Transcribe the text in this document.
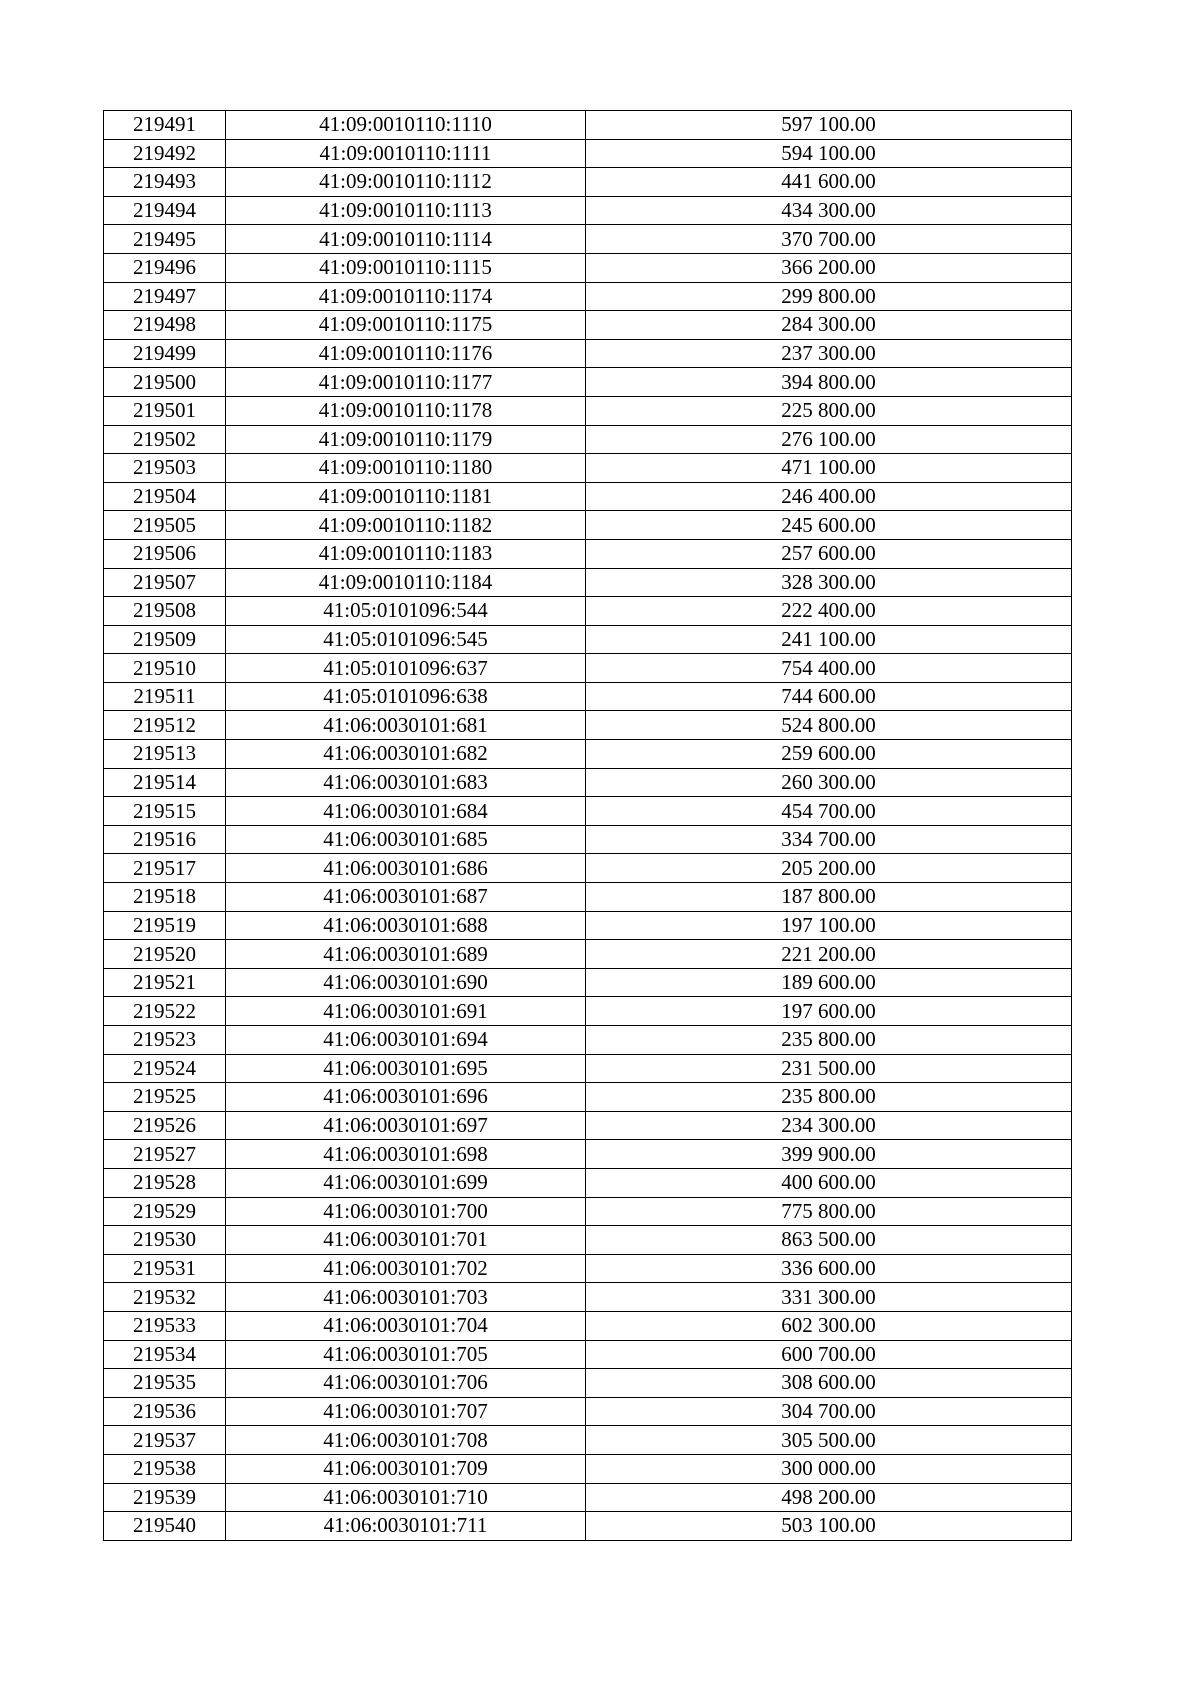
219491	41:09:0010110:1110	597 100.00
219492	41:09:0010110:1111	594 100.00
219493	41:09:0010110:1112	441 600.00
219494	41:09:0010110:1113	434 300.00
219495	41:09:0010110:1114	370 700.00
219496	41:09:0010110:1115	366 200.00
219497	41:09:0010110:1174	299 800.00
219498	41:09:0010110:1175	284 300.00
219499	41:09:0010110:1176	237 300.00
219500	41:09:0010110:1177	394 800.00
219501	41:09:0010110:1178	225 800.00
219502	41:09:0010110:1179	276 100.00
219503	41:09:0010110:1180	471 100.00
219504	41:09:0010110:1181	246 400.00
219505	41:09:0010110:1182	245 600.00
219506	41:09:0010110:1183	257 600.00
219507	41:09:0010110:1184	328 300.00
219508	41:05:0101096:544	222 400.00
219509	41:05:0101096:545	241 100.00
219510	41:05:0101096:637	754 400.00
219511	41:05:0101096:638	744 600.00
219512	41:06:0030101:681	524 800.00
219513	41:06:0030101:682	259 600.00
219514	41:06:0030101:683	260 300.00
219515	41:06:0030101:684	454 700.00
219516	41:06:0030101:685	334 700.00
219517	41:06:0030101:686	205 200.00
219518	41:06:0030101:687	187 800.00
219519	41:06:0030101:688	197 100.00
219520	41:06:0030101:689	221 200.00
219521	41:06:0030101:690	189 600.00
219522	41:06:0030101:691	197 600.00
219523	41:06:0030101:694	235 800.00
219524	41:06:0030101:695	231 500.00
219525	41:06:0030101:696	235 800.00
219526	41:06:0030101:697	234 300.00
219527	41:06:0030101:698	399 900.00
219528	41:06:0030101:699	400 600.00
219529	41:06:0030101:700	775 800.00
219530	41:06:0030101:701	863 500.00
219531	41:06:0030101:702	336 600.00
219532	41:06:0030101:703	331 300.00
219533	41:06:0030101:704	602 300.00
219534	41:06:0030101:705	600 700.00
219535	41:06:0030101:706	308 600.00
219536	41:06:0030101:707	304 700.00
219537	41:06:0030101:708	305 500.00
219538	41:06:0030101:709	300 000.00
219539	41:06:0030101:710	498 200.00
219540	41:06:0030101:711	503 100.00
